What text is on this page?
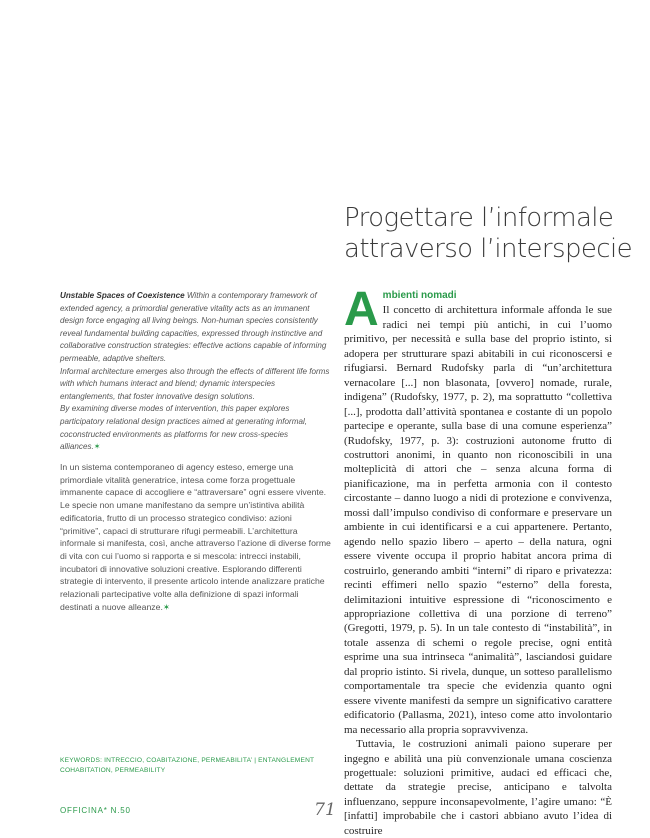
Progettare l’informale
attraverso l’interspecie

Unstable Spaces of Coexistence Within a contemporary framework of extended agency, a primordial generative vitality acts as an immanent design force engaging all living beings. Non-human species consistently reveal fundamental building capacities, expressed through instinctive and collaborative construction strategies: effective actions capable of informing permeable, adaptive shelters.

Informal architecture emerges also through the effects of different life forms with which humans interact and blend; dynamic interspecies entanglements, that foster innovative design solutions.

By examining diverse modes of intervention, this paper explores participatory relational design practices aimed at generating informal, coconstructed environments as platforms for new cross-species alliances.✶

In un sistema contemporaneo di agency esteso, emerge una primordiale vitalità generatrice, intesa come forza progettuale immanente capace di accogliere e “attraversare” ogni essere vivente. Le specie non umane manifestano da sempre un’istintiva abilità edificatoria, frutto di un processo strategico condiviso: azioni “primitive”, capaci di strutturare rifugi permeabili. L’architettura informale si manifesta, così, anche attraverso l’azione di diverse forme di vita con cui l’uomo si rapporta e si mescola: intrecci instabili, incubatori di innovative soluzioni creative. Esplorando differenti strategie di intervento, il presente articolo intende analizzare pratiche relazionali partecipative volte alla definizione di spazi informali destinati a nuove alleanze.✶

KEYWORDS: INTRECCIO, COABITAZIONE, PERMEABILITA’ | ENTANGLEMENT COHABITATION, PERMEABILITY

A mbienti nomadi
Il concetto di architettura informale affonda le sue radici nei tempi più antichi, in cui l’uomo primitivo, per necessità e sulla base del proprio istinto, si adopera per strutturare spazi abitabili in cui riconoscersi e rifugiarsi. Bernard Rudofsky parla di “un’architettura vernacolare [...] non blasonata, [ovvero] nomade, rurale, indigena” (Rudofsky, 1977, p. 2), ma soprattutto “collettiva [...], prodotta dall’attività spontanea e costante di un popolo partecipe e operante, sulla base di una comune esperienza” (Rudofsky, 1977, p. 3): costruzioni autonome frutto di costruttori anonimi, in quanto non riconoscibili in una molteplicità di attori che – senza alcuna forma di pianificazione, ma in perfetta armonia con il contesto circostante – danno luogo a nidi di protezione e convivenza, mossi dall’impulso condiviso di conformare e preservare un ambiente in cui identificarsi e a cui appartenere. Pertanto, agendo nello spazio libero – aperto – della natura, ogni essere vivente occupa il proprio habitat ancora prima di costruirlo, generando ambiti “interni” di riparo e privatezza: recinti effimeri nello spazio “esterno” della foresta, delimitazioni intuitive espressione di “riconoscimento e appropriazione collettiva di una porzione di terreno” (Gregotti, 1979, p. 5). In un tale contesto di “instabilità”, in totale assenza di schemi o regole precise, ogni entità esprime una sua intrinseca “animalità”, lasciandosi guidare dal proprio istinto. Si rivela, dunque, un sotteso parallelismo comportamentale tra specie che evidenzia quanto ogni essere vivente manifesti da sempre un significativo carattere edificatorio (Pallasma, 2021), inteso come atto involontario ma necessario alla propria sopravvivenza.

Tuttavia, le costruzioni animali paiono superare per ingegno e abilità una più convenzionale umana coscienza progettuale: soluzioni primitive, audaci ed efficaci che, dettate da strategie precise, anticipano e talvolta influenzano, seppure inconsapevolmente, l’agire umano: “È [infatti] improbabile che i castori abbiano avuto l’idea di costruire

OFFICINA* N.50	71
